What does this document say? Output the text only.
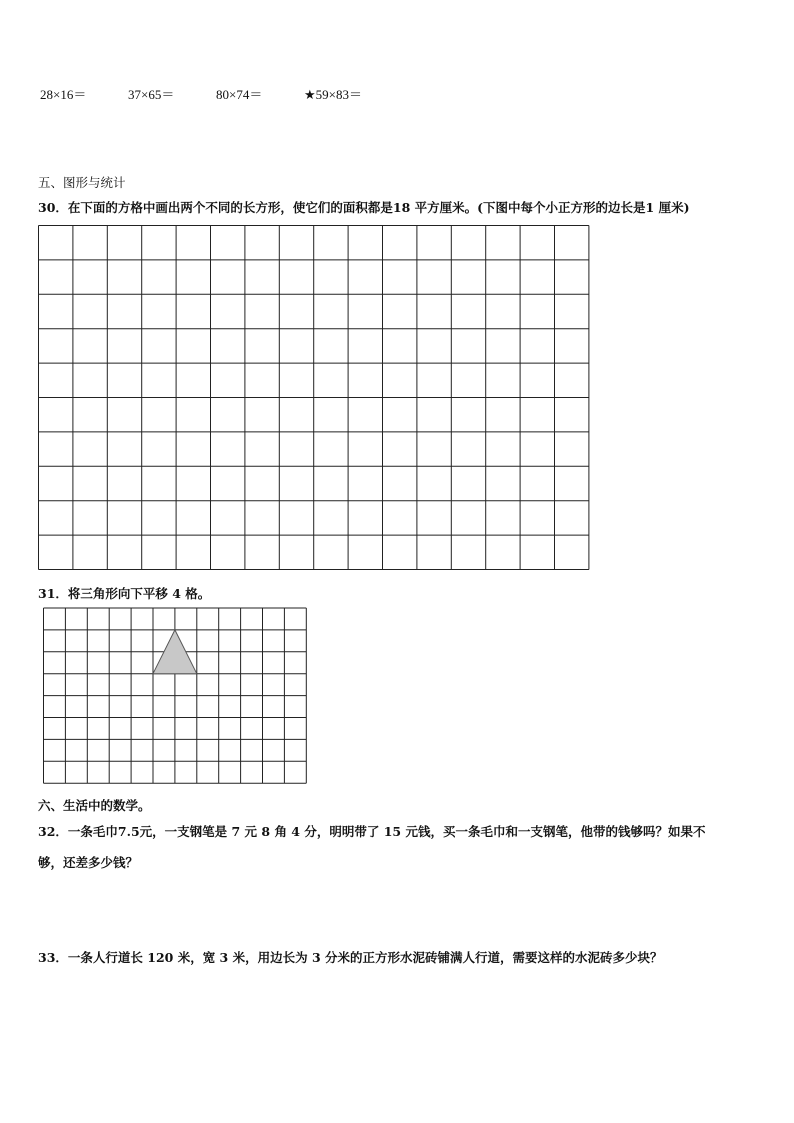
28×16＝	37×65＝	80×74＝	★59×83＝
五、图形与统计
30．在下面的方格中画出两个不同的长方形，使它们的面积都是18 平方厘米。(下图中每个小正方形的边长是1 厘米)
31．将三角形向下平移 4 格。
六、生活中的数学。
32．一条毛巾7.5元，一支钢笔是 7 元 8 角 4 分，明明带了 15 元钱，买一条毛巾和一支钢笔，他带的钱够吗？如果不
够，还差多少钱？
33．一条人行道长 120 米，宽 3 米，用边长为 3 分米的正方形水泥砖铺满人行道，需要这样的水泥砖多少块？
